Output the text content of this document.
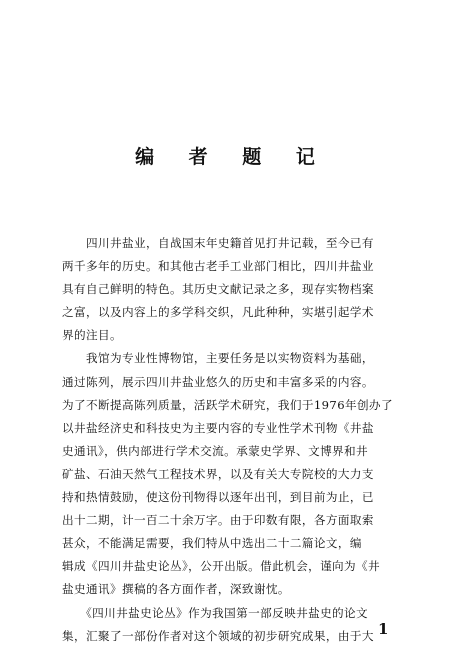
编 者 题 记
　　四川井盐业，自战国末年史籍首见打井记载，至今已有
两千多年的历史。和其他古老手工业部门相比，四川井盐业
具有自己鲜明的特色。其历史文献记录之多，现存实物档案
之富，以及内容上的多学科交织，凡此种种，实堪引起学术
界的注目。
　　我馆为专业性博物馆，主要任务是以实物资料为基础，
通过陈列，展示四川井盐业悠久的历史和丰富多采的内容。
为了不断提高陈列质量，活跃学术研究，我们于1976年创办了
以井盐经济史和科技史为主要内容的专业性学术刊物《井盐
史通讯》，供内部进行学术交流。承蒙史学界、文博界和井
矿盐、石油天然气工程技术界，以及有关大专院校的大力支
持和热情鼓励，使这份刊物得以逐年出刊，到目前为止，已
出十二期，计一百二十余万字。由于印数有限，各方面取索
甚众，不能满足需要，我们特从中选出二十二篇论文，编
辑成《四川井盐史论丛》，公开出版。借此机会，谨向为《井
盐史通讯》撰稿的各方面作者，深致谢忱。
　　《四川井盐史论丛》作为我国第一部反映井盐史的论文
集，汇聚了一部份作者对这个领域的初步研究成果，由于大 1
